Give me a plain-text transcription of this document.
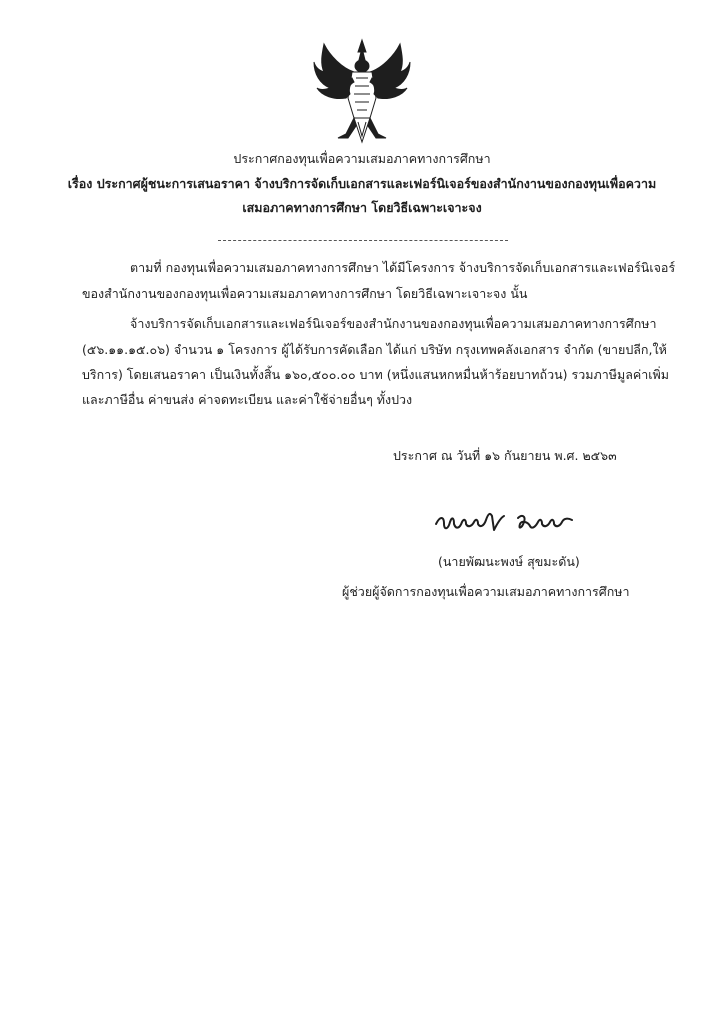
ประกาศกองทุนเพื่อความเสมอภาคทางการศึกษา
เรื่อง ประกาศผู้ชนะการเสนอราคา จ้างบริการจัดเก็บเอกสารและเฟอร์นิเจอร์ของสำนักงานของกองทุนเพื่อความ
เสมอภาคทางการศึกษา โดยวิธีเฉพาะเจาะจง
ตามที่ กองทุนเพื่อความเสมอภาคทางการศึกษา ได้มีโครงการ จ้างบริการจัดเก็บเอกสารและเฟอร์นิเจอร์
ของสำนักงานของกองทุนเพื่อความเสมอภาคทางการศึกษา โดยวิธีเฉพาะเจาะจง นั้น
จ้างบริการจัดเก็บเอกสารและเฟอร์นิเจอร์ของสำนักงานของกองทุนเพื่อความเสมอภาคทางการศึกษา
(๕๖.๑๑.๑๕.๐๖) จำนวน ๑ โครงการ ผู้ได้รับการคัดเลือก ได้แก่ บริษัท กรุงเทพคลังเอกสาร จำกัด (ขายปลีก,ให้
บริการ) โดยเสนอราคา เป็นเงินทั้งสิ้น ๑๖๐,๕๐๐.๐๐ บาท (หนึ่งแสนหกหมื่นห้าร้อยบาทถ้วน) รวมภาษีมูลค่าเพิ่ม
และภาษีอื่น ค่าขนส่ง ค่าจดทะเบียน และค่าใช้จ่ายอื่นๆ ทั้งปวง
ประกาศ ณ วันที่ ๑๖ กันยายน พ.ศ. ๒๕๖๓
(นายพัฒนะพงษ์ สุขมะดัน)
ผู้ช่วยผู้จัดการกองทุนเพื่อความเสมอภาคทางการศึกษา
